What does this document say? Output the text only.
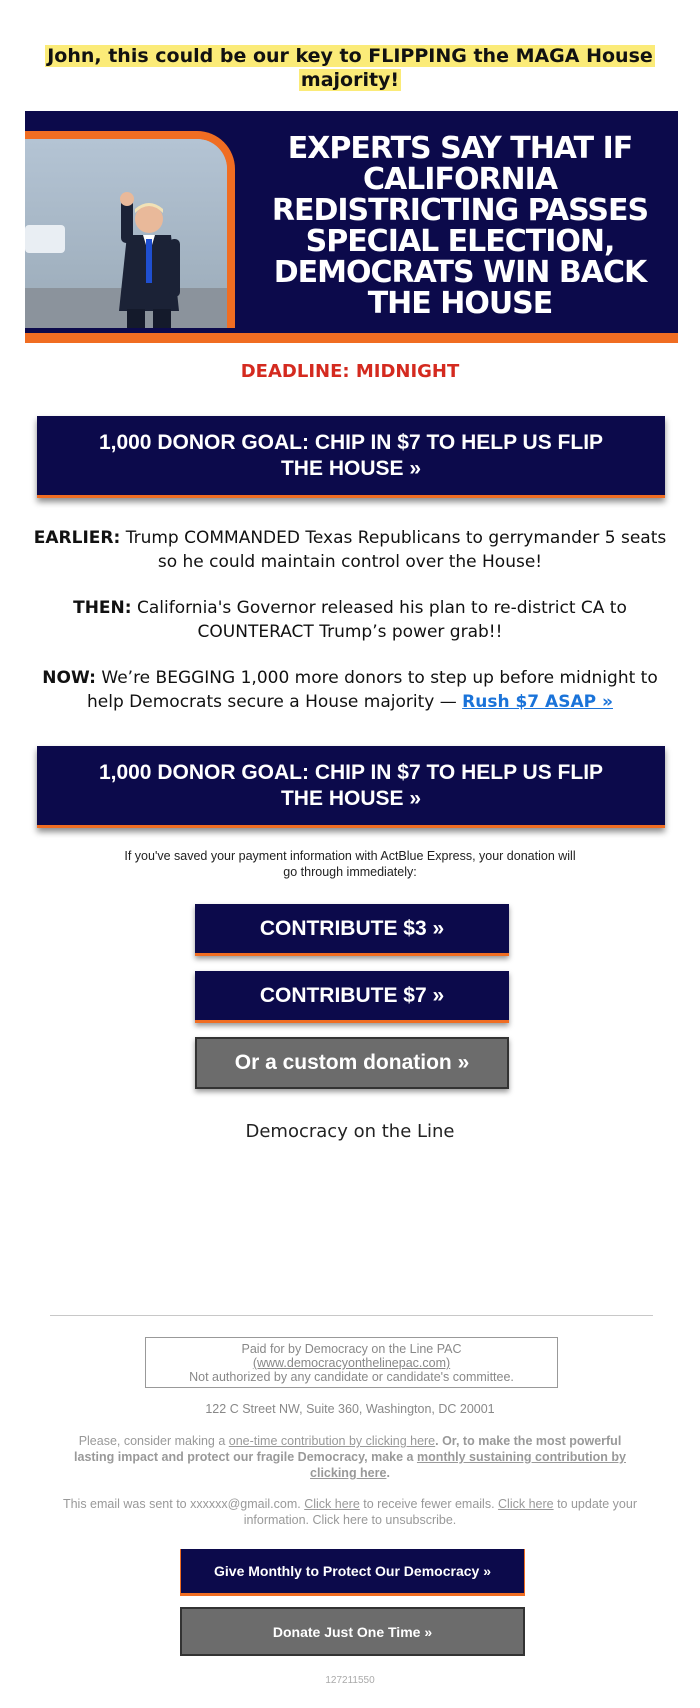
John, this could be our key to FLIPPING the MAGA House majority!
EXPERTS SAY THAT IF CALIFORNIA REDISTRICTING PASSES SPECIAL ELECTION, DEMOCRATS WIN BACK THE HOUSE
DEADLINE: MIDNIGHT
1,000 DONOR GOAL: CHIP IN $7 TO HELP US FLIP THE HOUSE »
EARLIER: Trump COMMANDED Texas Republicans to gerrymander 5 seats so he could maintain control over the House!
THEN: California's Governor released his plan to re-district CA to COUNTERACT Trump’s power grab!!
NOW: We’re BEGGING 1,000 more donors to step up before midnight to help Democrats secure a House majority — Rush $7 ASAP »
1,000 DONOR GOAL: CHIP IN $7 TO HELP US FLIP THE HOUSE »
If you've saved your payment information with ActBlue Express, your donation will go through immediately:
CONTRIBUTE $3 »
CONTRIBUTE $7 »
Or a custom donation »
Democracy on the Line
Paid for by Democracy on the Line PAC
(www.democracyonthelinepac.com)
Not authorized by any candidate or candidate's committee.
122 C Street NW, Suite 360, Washington, DC 20001
Please, consider making a one-time contribution by clicking here. Or, to make the most powerful lasting impact and protect our fragile Democracy, make a monthly sustaining contribution by clicking here.
This email was sent to xxxxxx@gmail.com. Click here to receive fewer emails. Click here to update your information. Click here to unsubscribe.
Give Monthly to Protect Our Democracy »
Donate Just One Time »
127211550
